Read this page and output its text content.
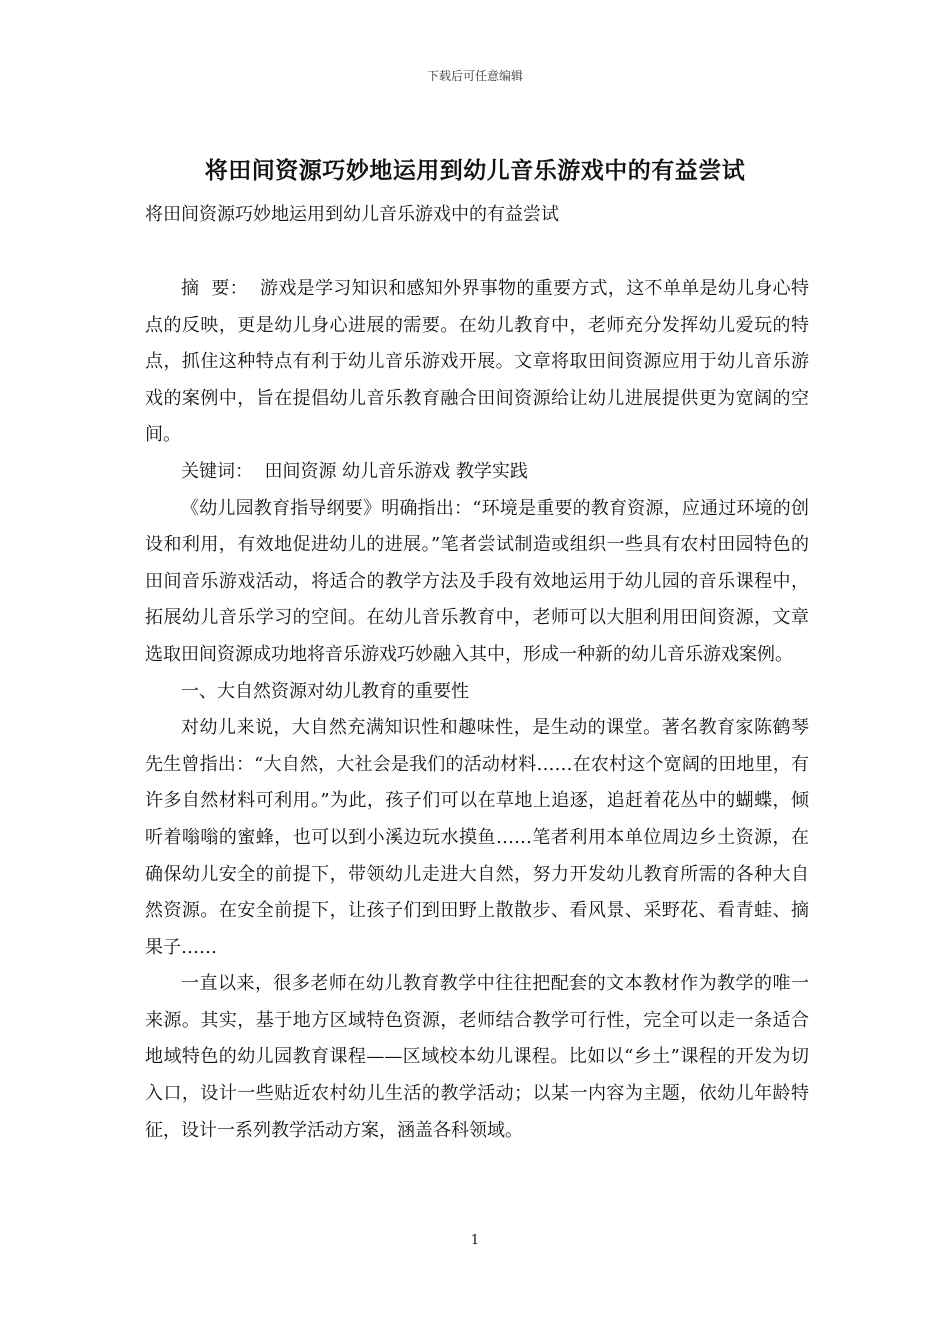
下载后可任意编辑
将田间资源巧妙地运用到幼儿音乐游戏中的有益尝试
将田间资源巧妙地运用到幼儿音乐游戏中的有益尝试

摘  要：  游戏是学习知识和感知外界事物的重要方式，这不单单是幼儿身心特点的反映，更是幼儿身心进展的需要。在幼儿教育中，老师充分发挥幼儿爱玩的特点，抓住这种特点有利于幼儿音乐游戏开展。文章将取田间资源应用于幼儿音乐游戏的案例中，旨在提倡幼儿音乐教育融合田间资源给让幼儿进展提供更为宽阔的空间。

关键词：  田间资源 幼儿音乐游戏 教学实践

《幼儿园教育指导纲要》明确指出：“环境是重要的教育资源，应通过环境的创设和利用，有效地促进幼儿的进展。”笔者尝试制造或组织一些具有农村田园特色的田间音乐游戏活动，将适合的教学方法及手段有效地运用于幼儿园的音乐课程中，拓展幼儿音乐学习的空间。在幼儿音乐教育中，老师可以大胆利用田间资源，文章选取田间资源成功地将音乐游戏巧妙融入其中，形成一种新的幼儿音乐游戏案例。

一、大自然资源对幼儿教育的重要性

对幼儿来说，大自然充满知识性和趣味性，是生动的课堂。著名教育家陈鹤琴先生曾指出：“大自然，大社会是我们的活动材料……在农村这个宽阔的田地里，有许多自然材料可利用。”为此，孩子们可以在草地上追逐，追赶着花丛中的蝴蝶，倾听着嗡嗡的蜜蜂，也可以到小溪边玩水摸鱼……笔者利用本单位周边乡土资源，在确保幼儿安全的前提下，带领幼儿走进大自然，努力开发幼儿教育所需的各种大自然资源。在安全前提下，让孩子们到田野上散散步、看风景、采野花、看青蛙、摘果子……

一直以来，很多老师在幼儿教育教学中往往把配套的文本教材作为教学的唯一来源。其实，基于地方区域特色资源，老师结合教学可行性，完全可以走一条适合地域特色的幼儿园教育课程——区域校本幼儿课程。比如以“乡土”课程的开发为切入口，设计一些贴近农村幼儿生活的教学活动；以某一内容为主题，依幼儿年龄特征，设计一系列教学活动方案，涵盖各科领域。

1
